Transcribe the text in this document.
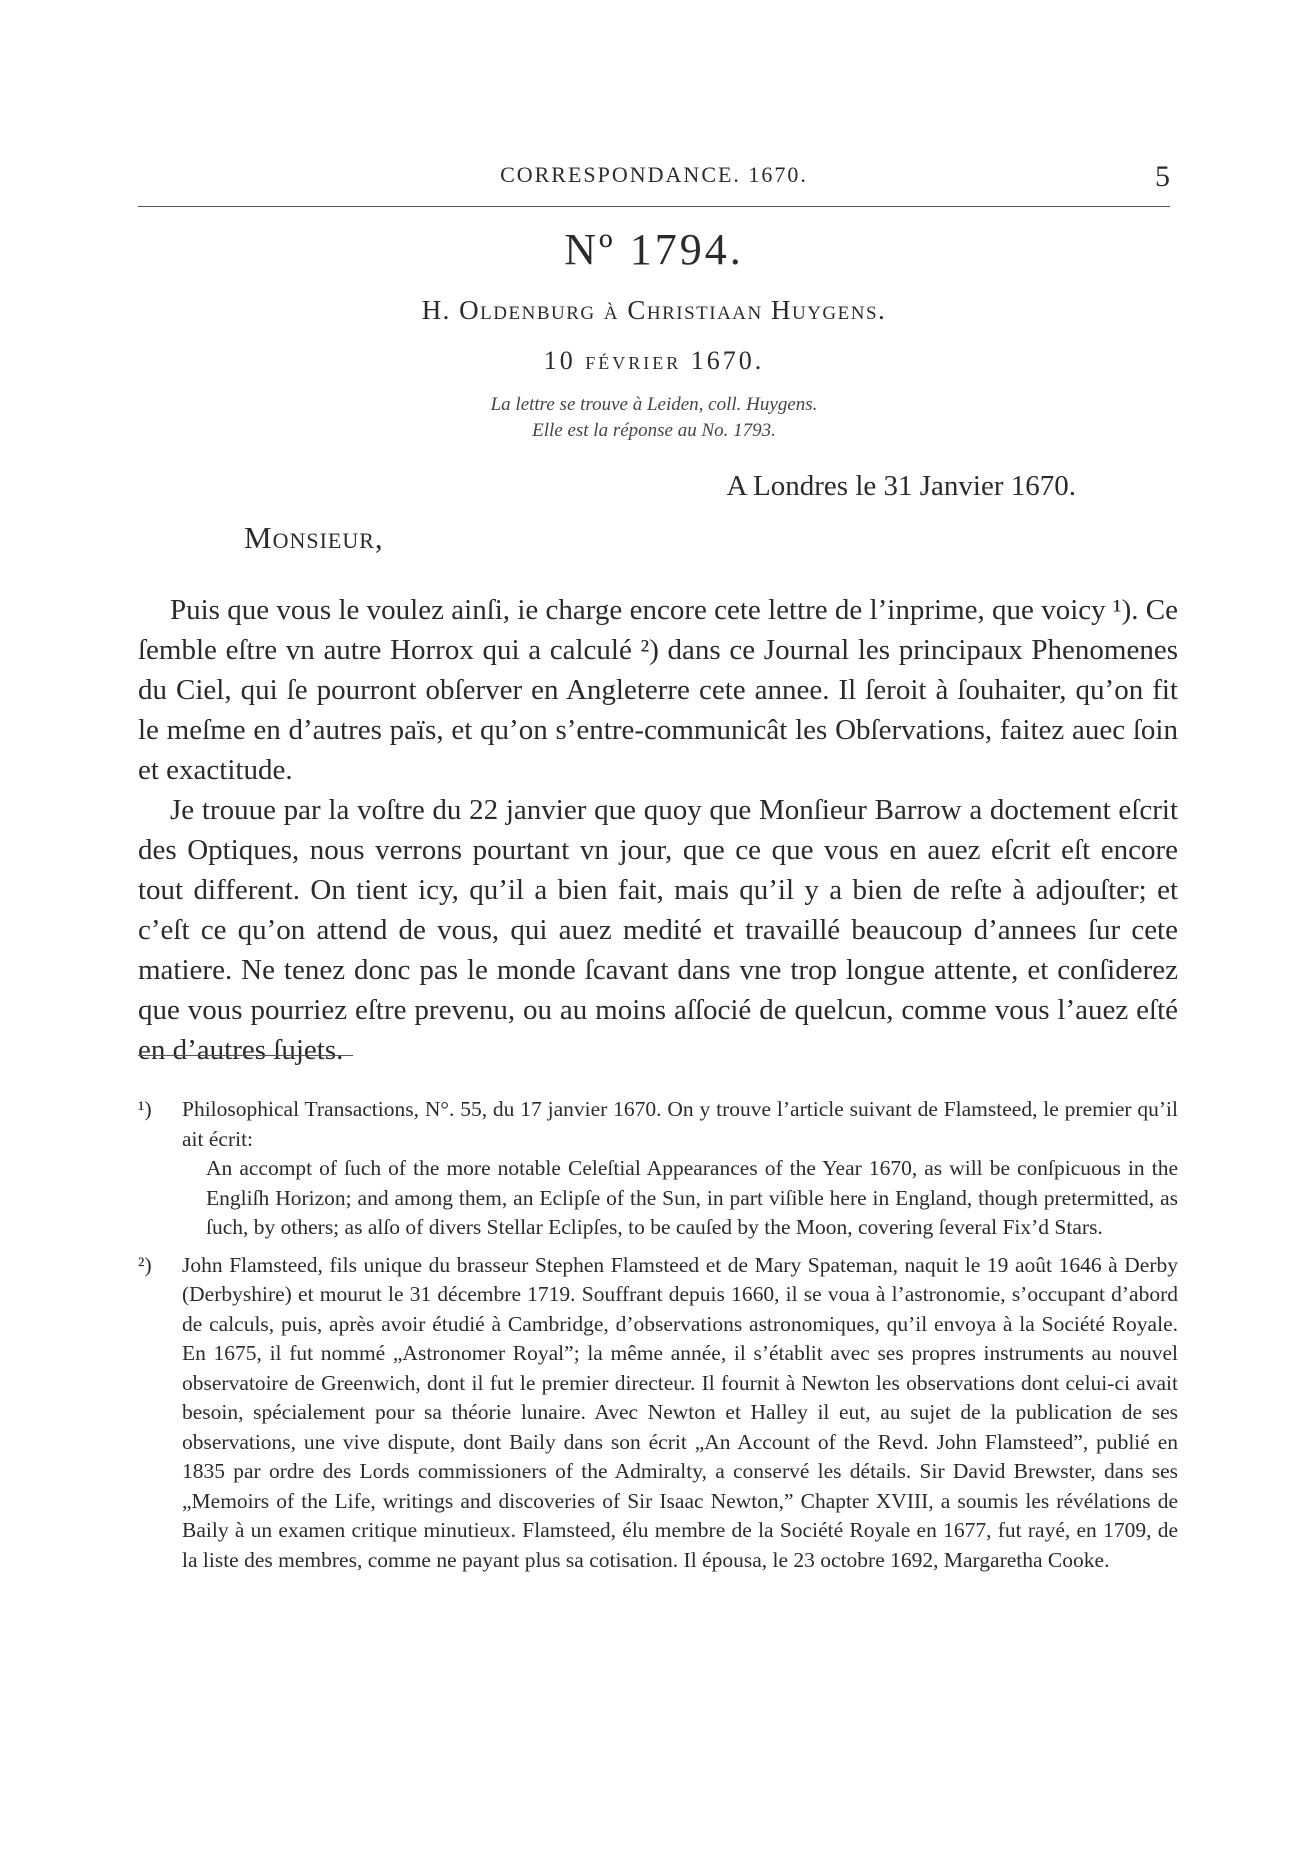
CORRESPONDANCE. 1670.	5
Nº 1794.
H. Oldenburg à Christiaan Huygens.
10 février 1670.
La lettre se trouve à Leiden, coll. Huygens.
Elle est la réponse au No. 1793.
A Londres le 31 Janvier 1670.
Monsieur,

Puis que vous le voulez ainſi, ie charge encore cete lettre de l’inprime, que voicy ¹). Ce ſemble eſtre vn autre Horrox qui a calculé ²) dans ce Journal les principaux Phenomenes du Ciel, qui ſe pourront obſerver en Angleterre cete annee. Il ſeroit à ſouhaiter, qu’on fit le meſme en d’autres païs, et qu’on s’entre-communicât les Obſervations, faitez auec ſoin et exactitude.

Je trouue par la voſtre du 22 janvier que quoy que Monſieur Barrow a doctement eſcrit des Optiques, nous verrons pourtant vn jour, que ce que vous en auez eſcrit eſt encore tout different. On tient icy, qu’il a bien fait, mais qu’il y a bien de reſte à adjouſter; et c’eſt ce qu’on attend de vous, qui auez medité et travaillé beaucoup d’annees ſur cete matiere. Ne tenez donc pas le monde ſcavant dans vne trop longue attente, et conſiderez que vous pourriez eſtre prevenu, ou au moins aſſocié de quelcun, comme vous l’auez eſté en d’autres ſujets.

¹) Philosophical Transactions, N°. 55, du 17 janvier 1670. On y trouve l’article suivant de Flamsteed, le premier qu’il ait écrit:
An accompt of ſuch of the more notable Celeſtial Appearances of the Year 1670, as will be conſpicuous in the Engliſh Horizon; and among them, an Eclipſe of the Sun, in part viſible here in England, though pretermitted, as ſuch, by others; as alſo of divers Stellar Eclipſes, to be cauſed by the Moon, covering ſeveral Fix’d Stars.
²) John Flamsteed, fils unique du brasseur Stephen Flamsteed et de Mary Spateman, naquit le 19 août 1646 à Derby (Derbyshire) et mourut le 31 décembre 1719. Souffrant depuis 1660, il se voua à l’astronomie, s’occupant d’abord de calculs, puis, après avoir étudié à Cambridge, d’observations astronomiques, qu’il envoya à la Société Royale. En 1675, il fut nommé „Astronomer Royal”; la même année, il s’établit avec ses propres instruments au nouvel observatoire de Greenwich, dont il fut le premier directeur. Il fournit à Newton les observations dont celui-ci avait besoin, spécialement pour sa théorie lunaire. Avec Newton et Halley il eut, au sujet de la publication de ses observations, une vive dispute, dont Baily dans son écrit „An Account of the Revd. John Flamsteed”, publié en 1835 par ordre des Lords commissioners of the Admiralty, a conservé les détails. Sir David Brewster, dans ses „Memoirs of the Life, writings and discoveries of Sir Isaac Newton,” Chapter XVIII, a soumis les révélations de Baily à un examen critique minutieux. Flamsteed, élu membre de la Société Royale en 1677, fut rayé, en 1709, de la liste des membres, comme ne payant plus sa cotisation. Il épousa, le 23 octobre 1692, Margaretha Cooke.
